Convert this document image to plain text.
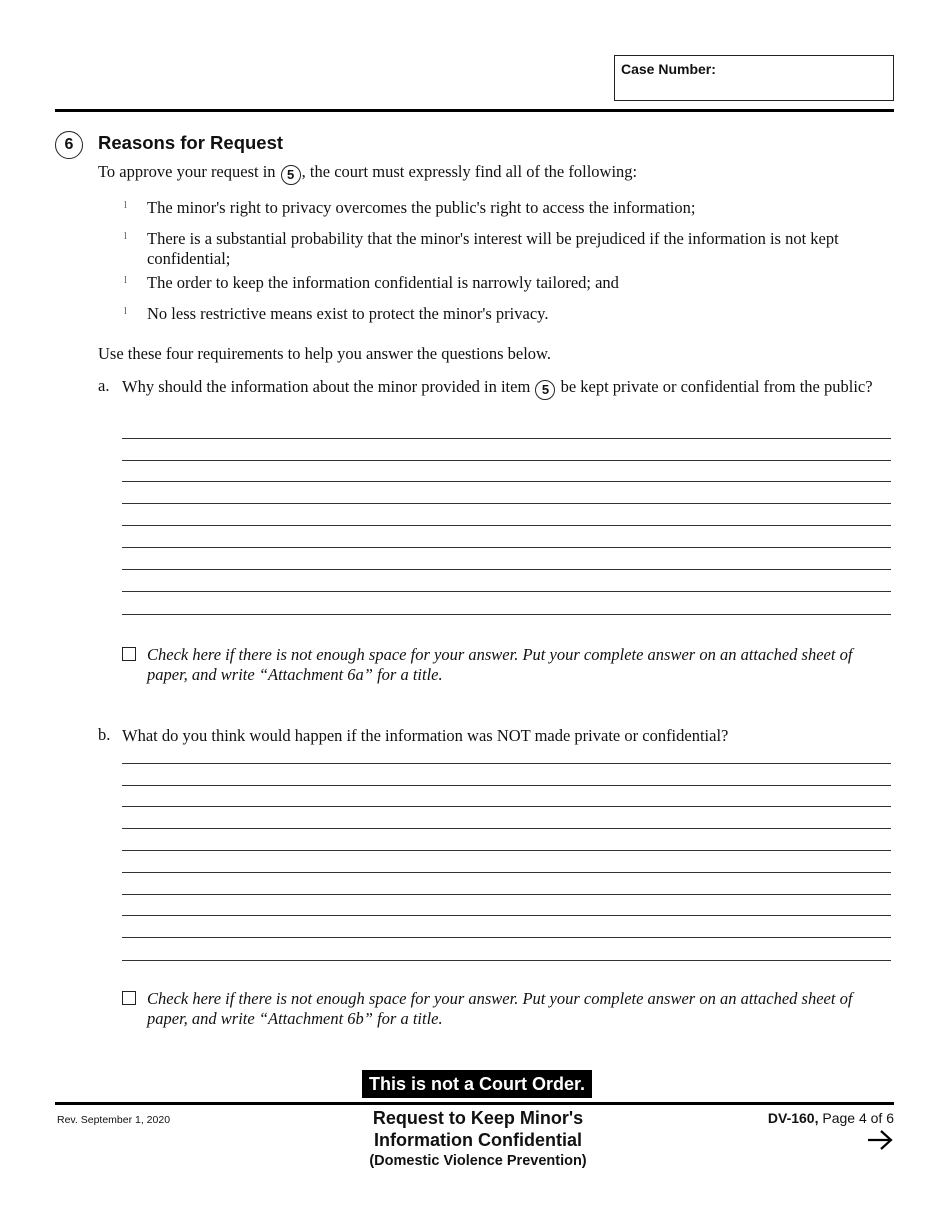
Case Number:
6	Reasons for Request
To approve your request in 5 , the court must expressly find all of the following:
l The minor's right to privacy overcomes the public's right to access the information;
l There is a substantial probability that the minor's interest will be prejudiced if the information is not kept confidential;
l The order to keep the information confidential is narrowly tailored; and
l No less restrictive means exist to protect the minor's privacy.
Use these four requirements to help you answer the questions below.
a. Why should the information about the minor provided in item 5 be kept private or confidential from the public?
Check here if there is not enough space for your answer. Put your complete answer on an attached sheet of paper, and write “Attachment 6a” for a title.
b. What do you think would happen if the information was NOT made private or confidential?
Check here if there is not enough space for your answer. Put your complete answer on an attached sheet of paper, and write “Attachment 6b” for a title.
This is not a Court Order.
Rev. September 1, 2020	Request to Keep Minor's
Information Confidential
(Domestic Violence Prevention)
DV-160, Page 4 of 6
